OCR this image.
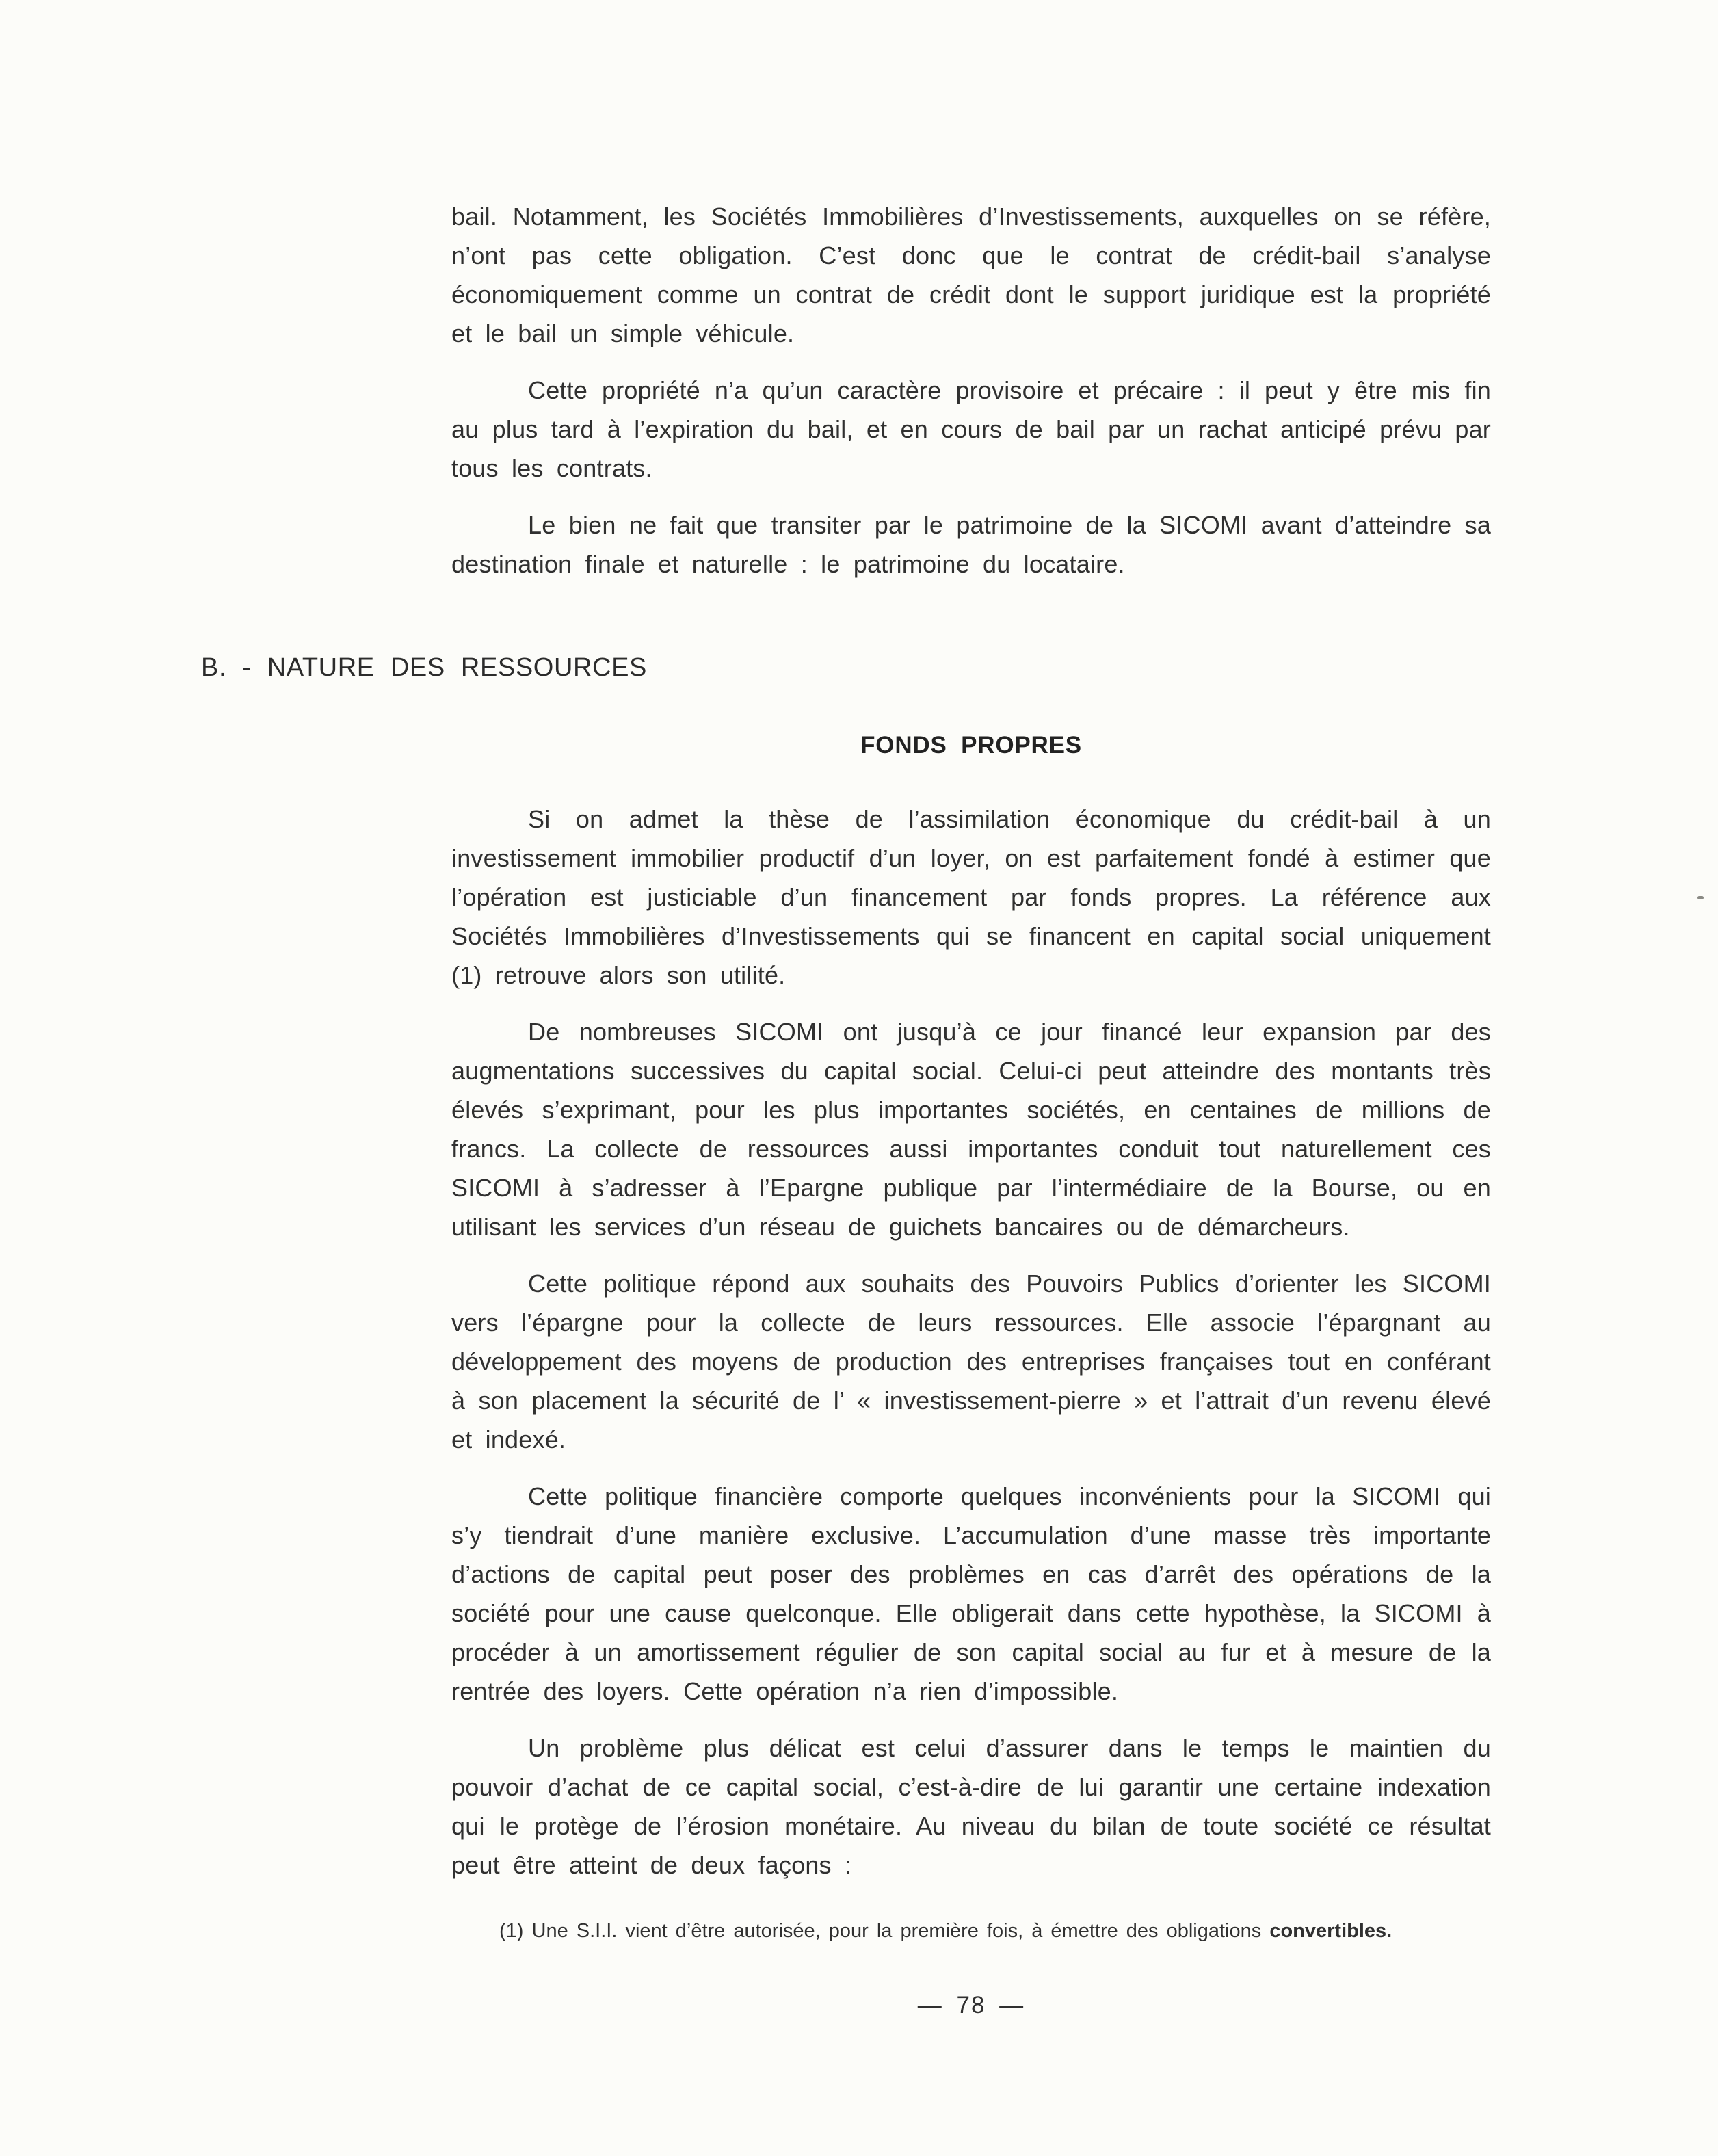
bail. Notamment, les Sociétés Immobilières d’Investissements, auxquelles on se réfère, n’ont pas cette obligation. C’est donc que le contrat de crédit-bail s’analyse économiquement comme un contrat de crédit dont le support juridique est la propriété et le bail un simple véhicule.

Cette propriété n’a qu’un caractère provisoire et précaire : il peut y être mis fin au plus tard à l’expiration du bail, et en cours de bail par un rachat anticipé prévu par tous les contrats.

Le bien ne fait que transiter par le patrimoine de la SICOMI avant d’atteindre sa destination finale et naturelle : le patrimoine du locataire.

B. - NATURE DES RESSOURCES
FONDS PROPRES

Si on admet la thèse de l’assimilation économique du crédit-bail à un investissement immobilier productif d’un loyer, on est parfaitement fondé à estimer que l’opération est justiciable d’un financement par fonds propres. La référence aux Sociétés Immobilières d’Investissements qui se financent en capital social uniquement (1) retrouve alors son utilité.

De nombreuses SICOMI ont jusqu’à ce jour financé leur expansion par des augmentations successives du capital social. Celui-ci peut atteindre des montants très élevés s’exprimant, pour les plus importantes sociétés, en centaines de millions de francs. La collecte de ressources aussi importantes conduit tout naturellement ces SICOMI à s’adresser à l’Epargne publique par l’intermédiaire de la Bourse, ou en utilisant les services d’un réseau de guichets bancaires ou de démarcheurs.

Cette politique répond aux souhaits des Pouvoirs Publics d’orienter les SICOMI vers l’épargne pour la collecte de leurs ressources. Elle associe l’épargnant au développement des moyens de production des entreprises françaises tout en conférant à son placement la sécurité de l’ « investissement-pierre » et l’attrait d’un revenu élevé et indexé.

Cette politique financière comporte quelques inconvénients pour la SICOMI qui s’y tiendrait d’une manière exclusive. L’accumulation d’une masse très importante d’actions de capital peut poser des problèmes en cas d’arrêt des opérations de la société pour une cause quelconque. Elle obligerait dans cette hypothèse, la SICOMI à procéder à un amortissement régulier de son capital social au fur et à mesure de la rentrée des loyers. Cette opération n’a rien d’impossible.

Un problème plus délicat est celui d’assurer dans le temps le maintien du pouvoir d’achat de ce capital social, c’est-à-dire de lui garantir une certaine indexation qui le protège de l’érosion monétaire. Au niveau du bilan de toute société ce résultat peut être atteint de deux façons :

(1) Une S.I.I. vient d’être autorisée, pour la première fois, à émettre des obligations convertibles.
— 78 —
